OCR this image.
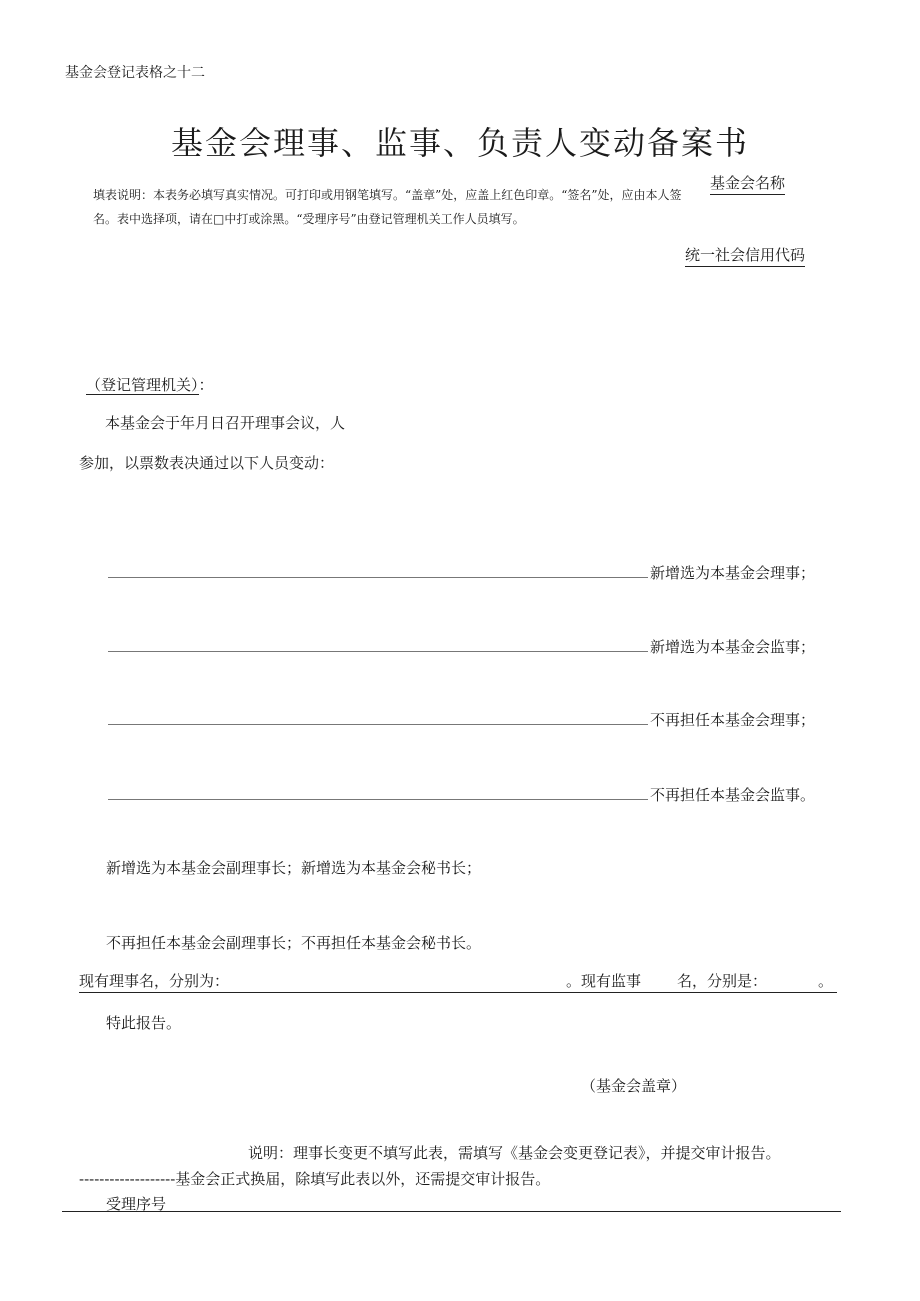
基金会登记表格之十二
基金会理事、监事、负责人变动备案书
填表说明：本表务必填写真实情况。可打印或用钢笔填写。“盖章”处，应盖上红色印章。“签名”处，应由本人签名。表中选择项，请在□中打或涂黑。“受理序号”由登记管理机关工作人员填写。
基金会名称
统一社会信用代码
（登记管理机关）：
本基金会于年月日召开理事会议，人
参加，以票数表决通过以下人员变动：
新增选为本基金会理事；
新增选为本基金会监事；
不再担任本基金会理事；
不再担任本基金会监事。
新增选为本基金会副理事长；新增选为本基金会秘书长；
不再担任本基金会副理事长；不再担任本基金会秘书长。
现有理事名，分别为：	。现有监事 名，分别是：	。
特此报告。
（基金会盖章）
说明：理事长变更不填写此表，需填写《基金会变更登记表》，并提交审计报告。
-------------------基金会正式换届，除填写此表以外，还需提交审计报告。
受理序号
